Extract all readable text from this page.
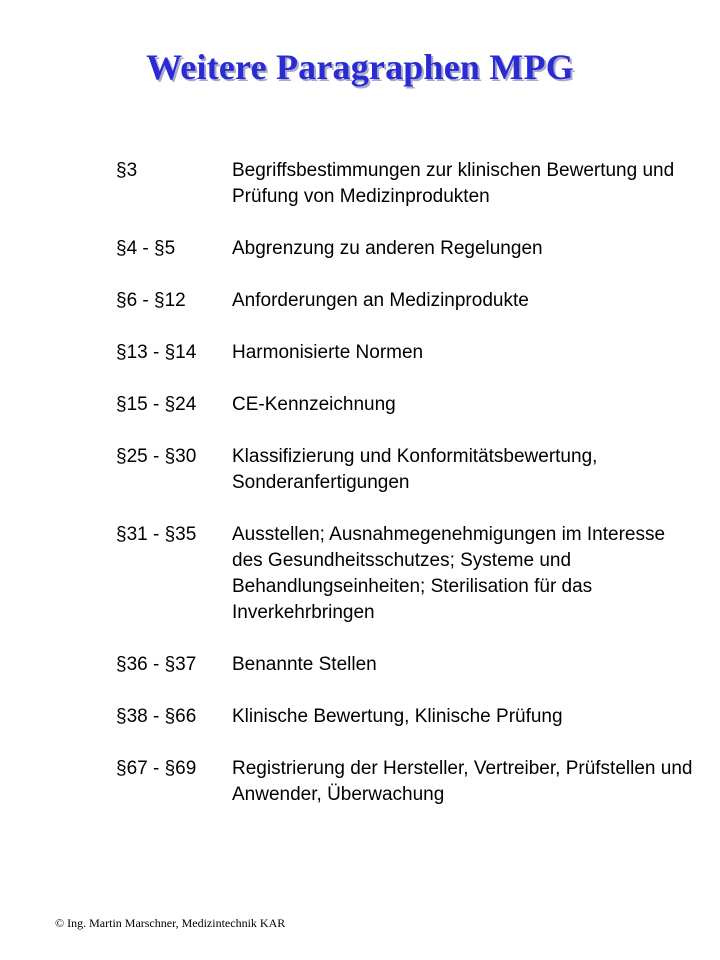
Weitere Paragraphen MPG
§3	Begriffsbestimmungen zur klinischen Bewertung und Prüfung von Medizinprodukten
§4 - §5	Abgrenzung zu anderen Regelungen
§6 - §12	Anforderungen an Medizinprodukte
§13 - §14	Harmonisierte Normen
§15 - §24	CE-Kennzeichnung
§25 - §30	Klassifizierung und Konformitätsbewertung, Sonderanfertigungen
§31 - §35	Ausstellen; Ausnahmegenehmigungen im Interesse des Gesundheitsschutzes; Systeme und Behandlungseinheiten; Sterilisation für das Inverkehrbringen
§36 - §37	Benannte Stellen
§38 - §66	Klinische Bewertung, Klinische Prüfung
§67 - §69	Registrierung der Hersteller, Vertreiber, Prüfstellen und Anwender, Überwachung
© Ing. Martin Marschner, Medizintechnik KAR
